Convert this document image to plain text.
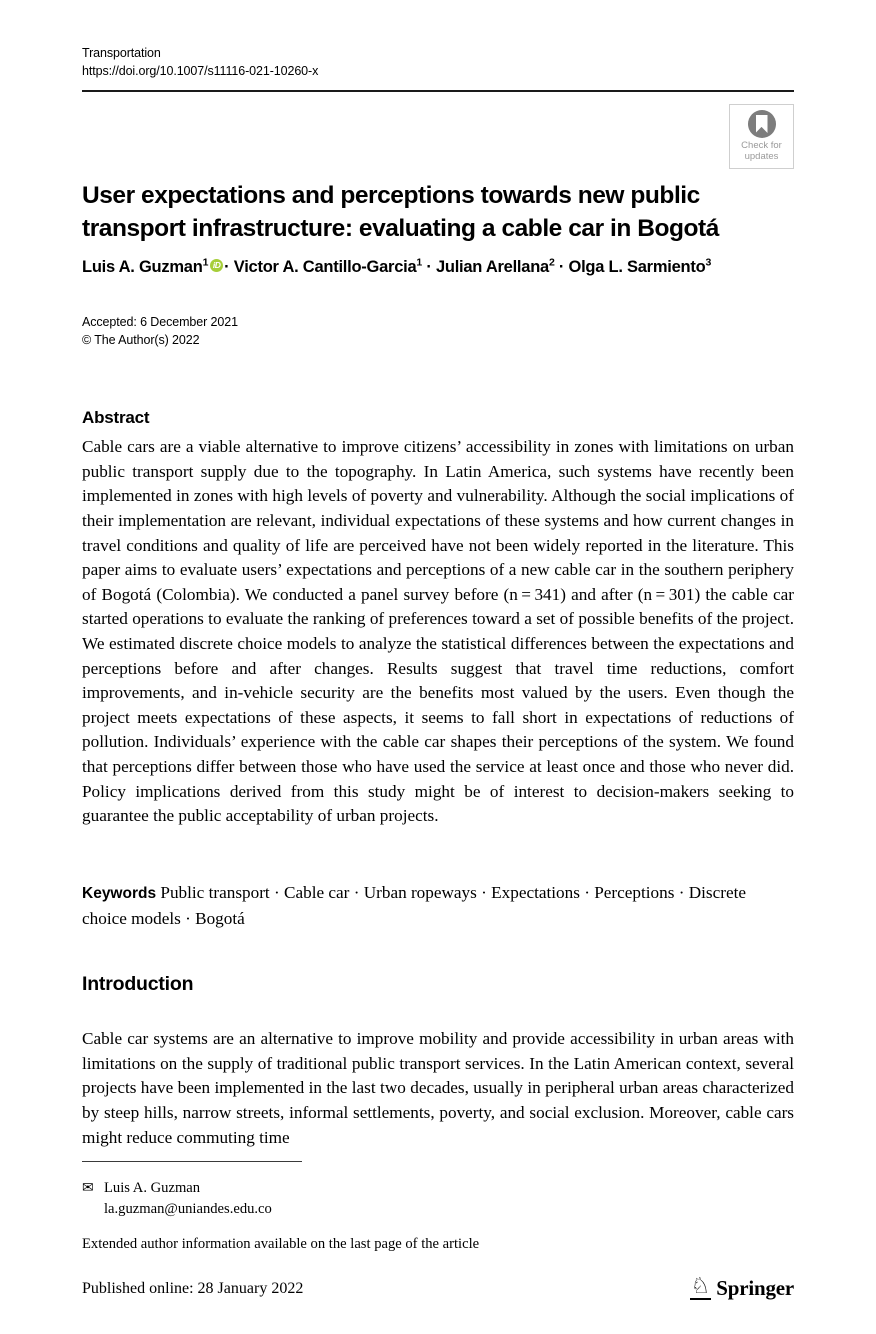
Transportation
https://doi.org/10.1007/s11116-021-10260-x
Check for
updates
User expectations and perceptions towards new public transport infrastructure: evaluating a cable car in Bogotá
Luis A. Guzman$^1$ iD · Victor A. Cantillo-Garcia$^1$ · Julian Arellana$^2$ · Olga L. Sarmiento$^3$
Accepted: 6 December 2021
© The Author(s) 2022
Abstract

Cable cars are a viable alternative to improve citizens’ accessibility in zones with limitations on urban public transport supply due to the topography. In Latin America, such systems have recently been implemented in zones with high levels of poverty and vulnerability. Although the social implications of their implementation are relevant, individual expectations of these systems and how current changes in travel conditions and quality of life are perceived have not been widely reported in the literature. This paper aims to evaluate users’ expectations and perceptions of a new cable car in the southern periphery of Bogotá (Colombia). We conducted a panel survey before (n = 341) and after (n = 301) the cable car started operations to evaluate the ranking of preferences toward a set of possible benefits of the project. We estimated discrete choice models to analyze the statistical differences between the expectations and perceptions before and after changes. Results suggest that travel time reductions, comfort improvements, and in-vehicle security are the benefits most valued by the users. Even though the project meets expectations of these aspects, it seems to fall short in expectations of reductions of pollution. Individuals’ experience with the cable car shapes their perceptions of the system. We found that perceptions differ between those who have used the service at least once and those who never did. Policy implications derived from this study might be of interest to decision-makers seeking to guarantee the public acceptability of urban projects.

Keywords Public transport · Cable car · Urban ropeways · Expectations · Perceptions · Discrete choice models · Bogotá

Introduction

Cable car systems are an alternative to improve mobility and provide accessibility in urban areas with limitations on the supply of traditional public transport services. In the Latin American context, several projects have been implemented in the last two decades, usually in peripheral urban areas characterized by steep hills, narrow streets, informal settlements, poverty, and social exclusion. Moreover, cable cars might reduce commuting time

✉ Luis A. Guzman
la.guzman@uniandes.edu.co
Extended author information available on the last page of the article
Published online: 28 January 2022	♘ Springer
